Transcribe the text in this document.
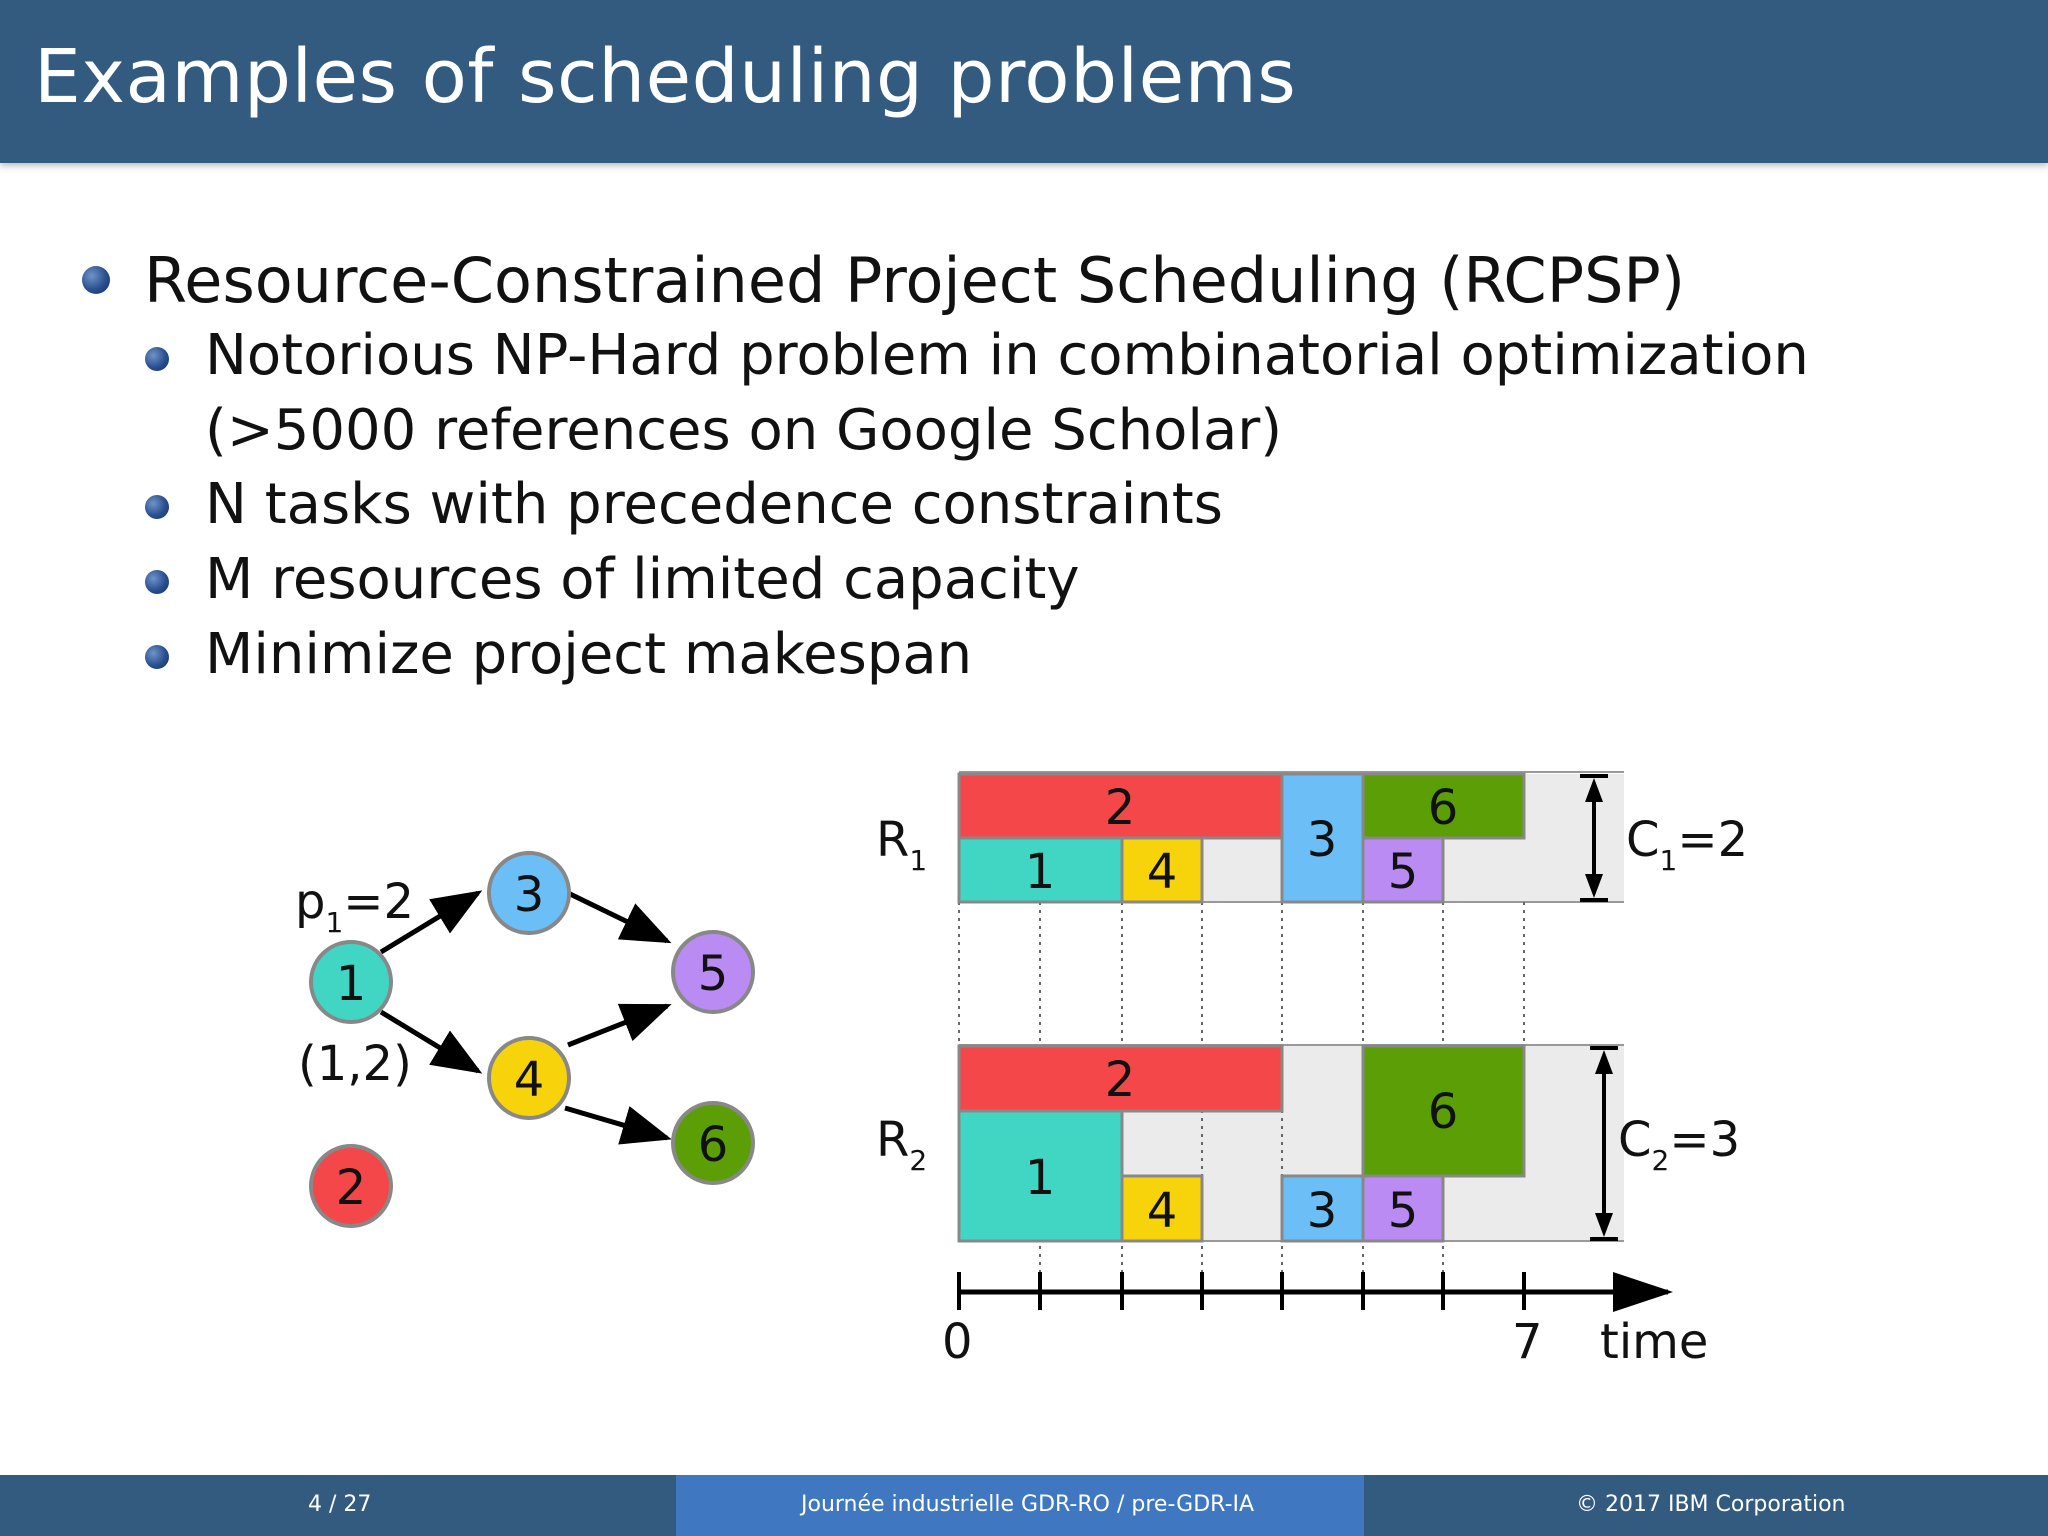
Examples of scheduling problems
Resource-Constrained Project Scheduling (RCPSP)
Notorious NP-Hard problem in combinatorial optimization
(>5000 references on Google Scholar)
N tasks with precedence constraints
M resources of limited capacity
Minimize project makespan
1
2
3
4
5
6
$p_1=2$
(1,2)
2
1 4
3
6
5
2
1
4
6
3 5
$R_1$
$R_2$
$C_1=2$
$C_2=3$
0	7 time
4 / 27	Journée industrielle GDR-RO / pre-GDR-IA	© 2017 IBM Corporation
